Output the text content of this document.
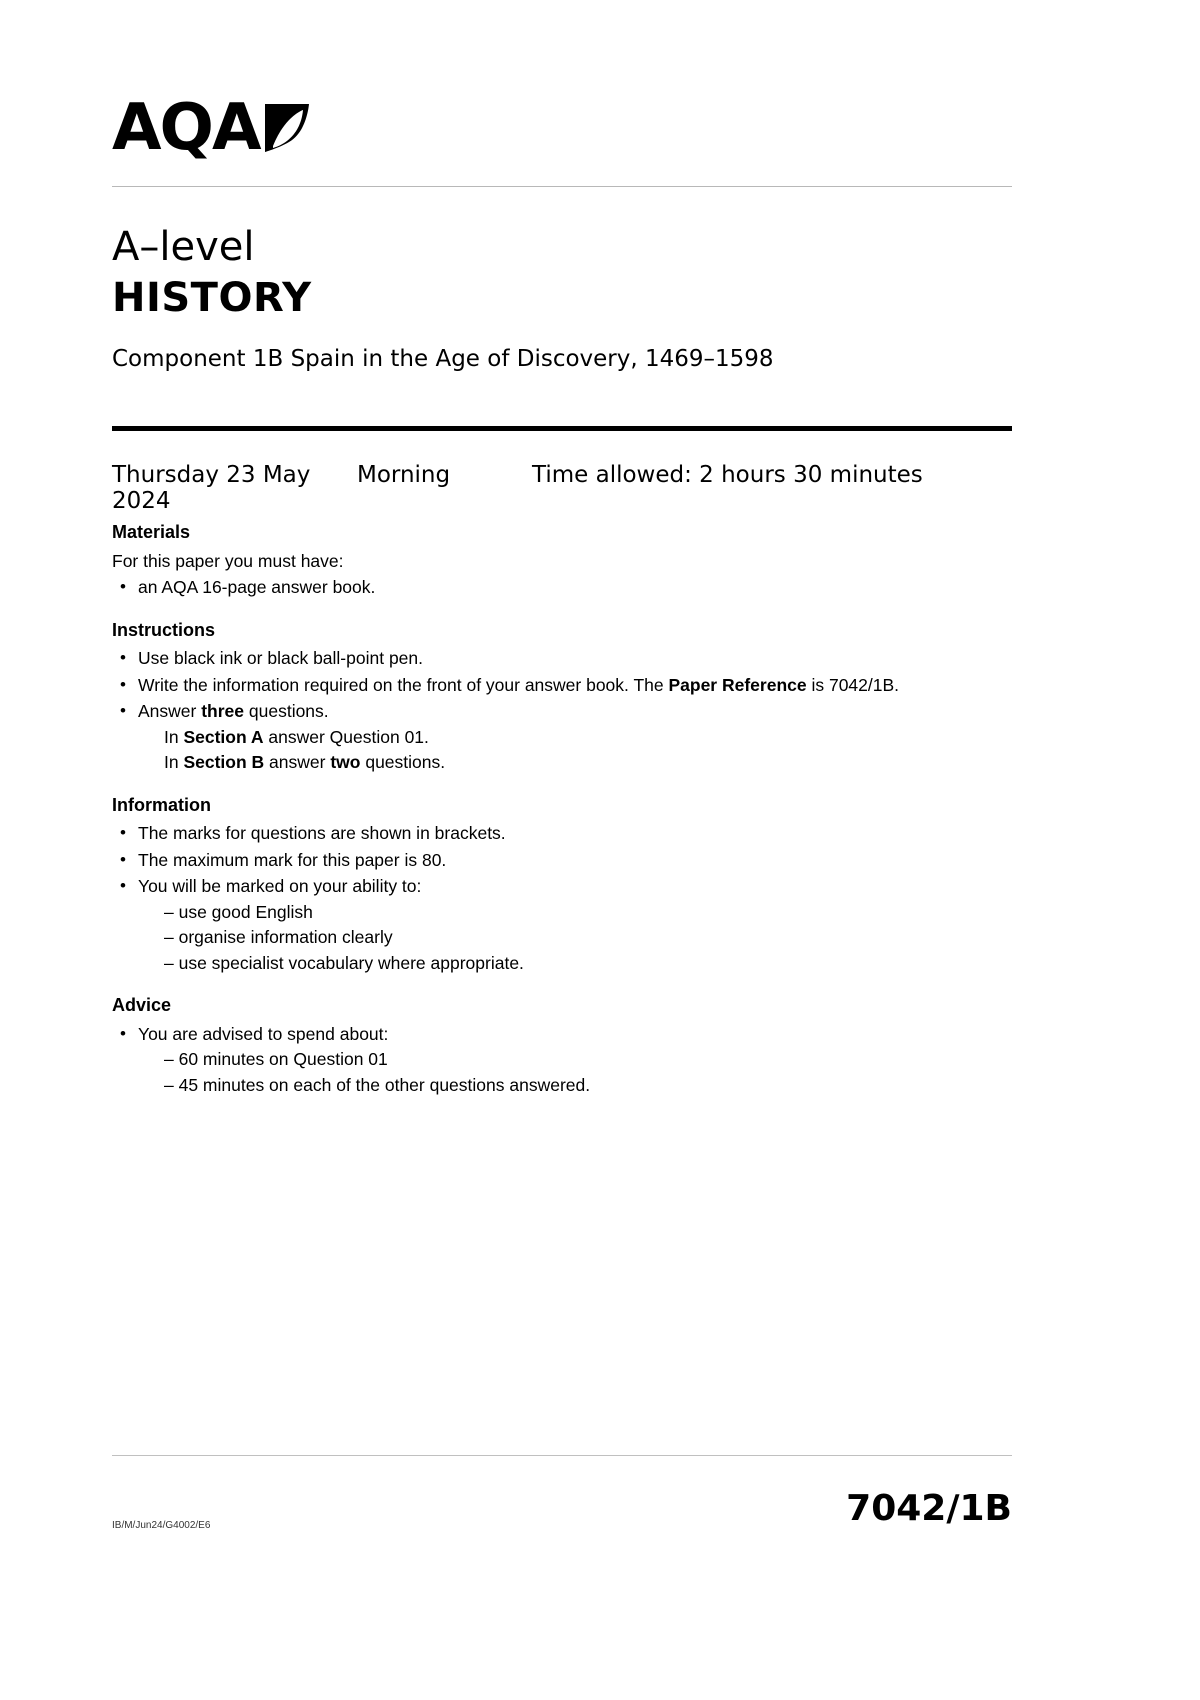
AQA
A–level
HISTORY
Component 1B Spain in the Age of Discovery, 1469–1598
Thursday 23 May 2024
Morning	Time allowed: 2 hours 30 minutes
Materials

For this paper you must have:

• an AQA 16-page answer book.
Instructions
• Use black ink or black ball-point pen.
• Write the information required on the front of your answer book. The Paper Reference is 7042/1B.
• Answer three questions.
In Section A answer Question 01.
In Section B answer two questions.
Information
• The marks for questions are shown in brackets.
• The maximum mark for this paper is 80.
• You will be marked on your ability to:
– use good English
– organise information clearly
– use specialist vocabulary where appropriate.
Advice
• You are advised to spend about:
– 60 minutes on Question 01
– 45 minutes on each of the other questions answered.
IB/M/Jun24/G4002/E6	7042/1B
